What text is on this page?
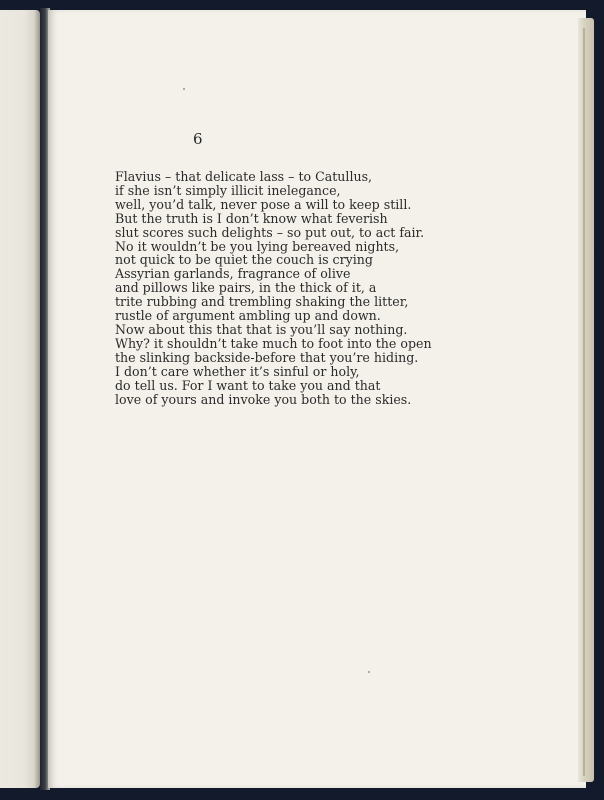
6
Flavius – that delicate lass – to Catullus,
if she isn’t simply illicit inelegance,
well, you’d talk, never pose a will to keep still.
But the truth is I don’t know what feverish
slut scores such delights – so put out, to act fair.
No it wouldn’t be you lying bereaved nights,
not quick to be quiet the couch is crying
Assyrian garlands, fragrance of olive
and pillows like pairs, in the thick of it, a
trite rubbing and trembling shaking the litter,
rustle of argument ambling up and down.
Now about this that that is you’ll say nothing.
Why? it shouldn’t take much to foot into the open
the slinking backside-before that you’re hiding.
I don’t care whether it’s sinful or holy,
do tell us. For I want to take you and that
love of yours and invoke you both to the skies.
